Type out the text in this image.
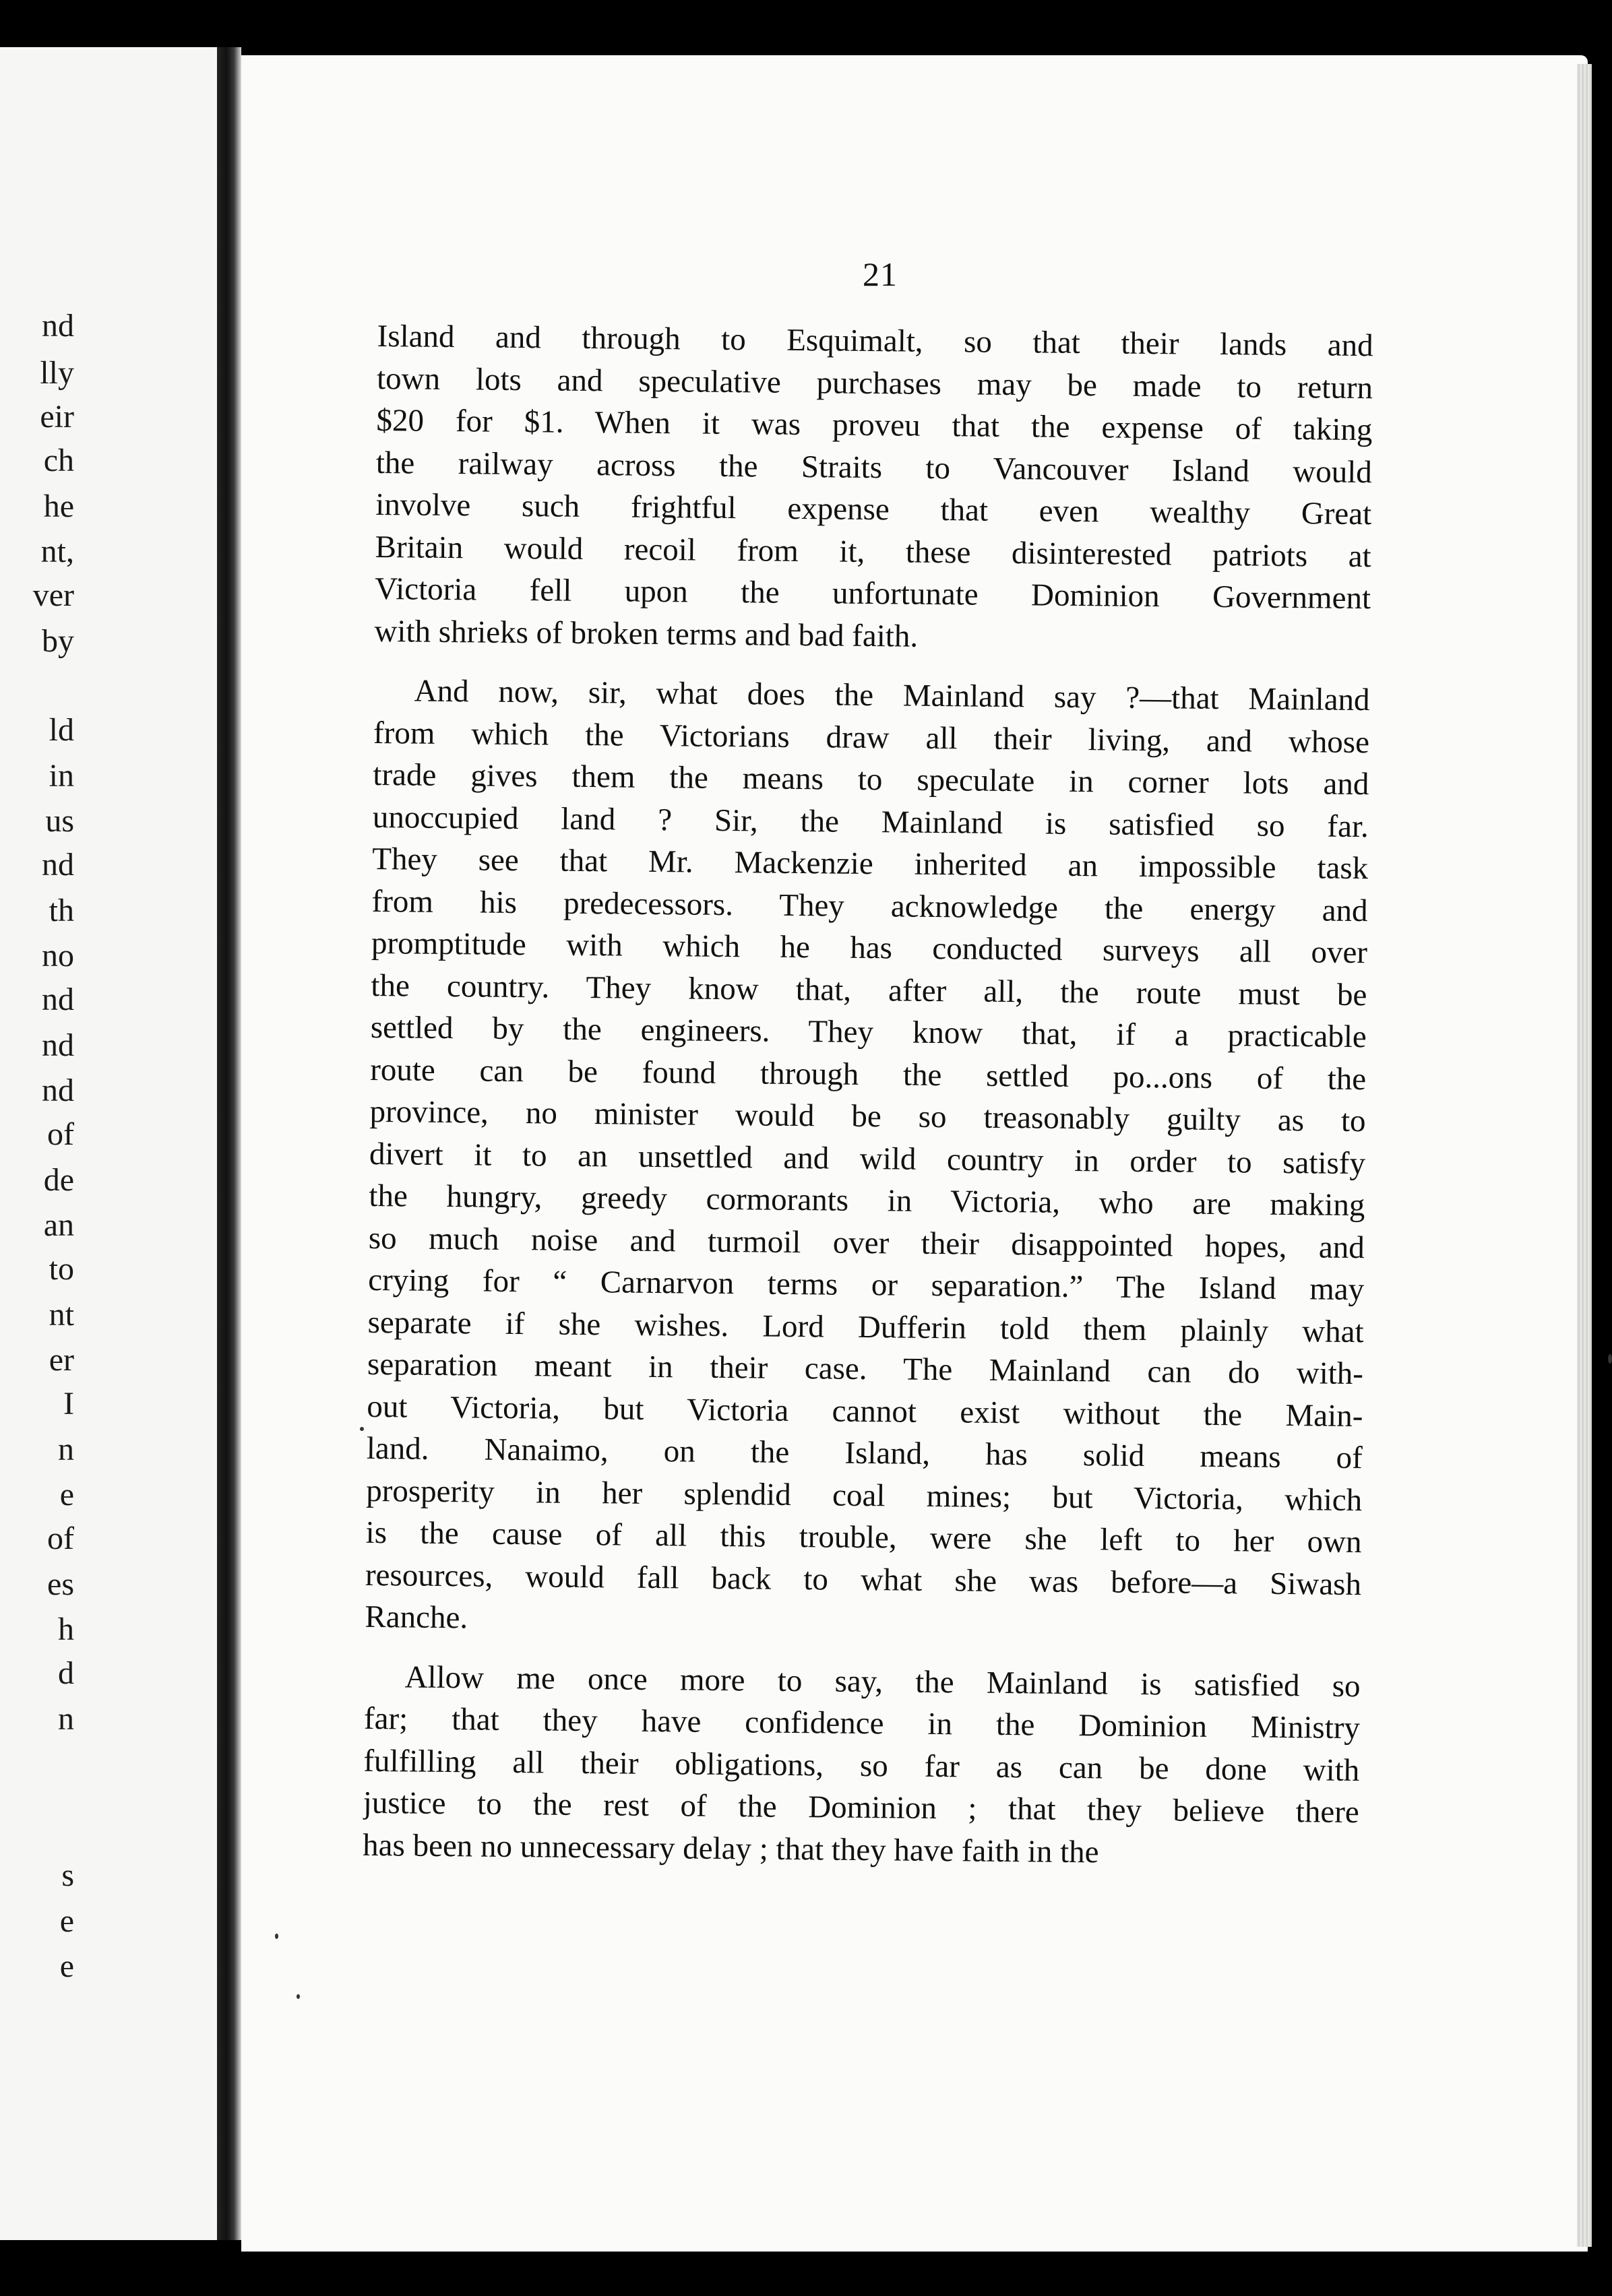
nd
lly
eir
ch
he
nt,
ver
by
ld
in
us
nd
th
no
nd
nd
nd
of
de
an
to
nt
er
I
n
e
of
es
h
d
n
s
e
e
21
Island and through to Esquimalt, so that their lands and
town lots and speculative purchases may be made to return
$20 for $1. When it was proveu that the expense of taking
the railway across the Straits to Vancouver Island would
involve such frightful expense that even wealthy Great
Britain would recoil from it, these disinterested patriots at
Victoria fell upon the unfortunate Dominion Government
with shrieks of broken terms and bad faith.
And now, sir, what does the Mainland say ?—that Mainland
from which the Victorians draw all their living, and whose
trade gives them the means to speculate in corner lots and
unoccupied land ? Sir, the Mainland is satisfied so far.
They see that Mr. Mackenzie inherited an impossible task
from his predecessors. They acknowledge the energy and
promptitude with which he has conducted surveys all over
the country. They know that, after all, the route must be
settled by the engineers. They know that, if a practicable
route can be found through the settled po...ons of the
province, no minister would be so treasonably guilty as to
divert it to an unsettled and wild country in order to satisfy
the hungry, greedy cormorants in Victoria, who are making
so much noise and turmoil over their disappointed hopes, and
crying for “ Carnarvon terms or separation.” The Island may
separate if she wishes. Lord Dufferin told them plainly what
separation meant in their case. The Mainland can do with-
out Victoria, but Victoria cannot exist without the Main-
land. Nanaimo, on the Island, has solid means of
prosperity in her splendid coal mines; but Victoria, which
is the cause of all this trouble, were she left to her own
resources, would fall back to what she was before—a Siwash
Ranche.
Allow me once more to say, the Mainland is satisfied so
far; that they have confidence in the Dominion Ministry
fulfilling all their obligations, so far as can be done with
justice to the rest of the Dominion ; that they believe there
has been no unnecessary delay ; that they have faith in the
